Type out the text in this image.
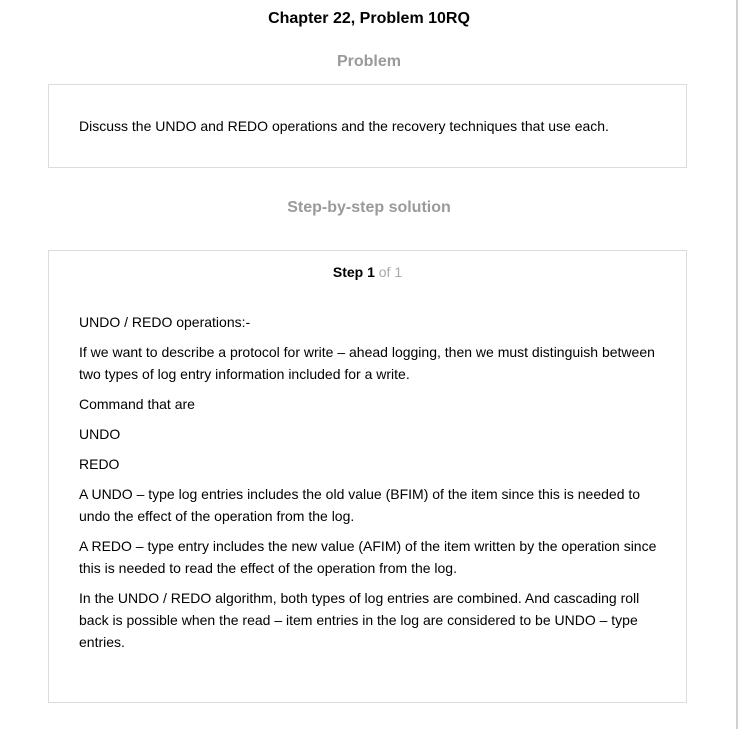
Chapter 22, Problem 10RQ
Problem
Discuss the UNDO and REDO operations and the recovery techniques that use each.
Step-by-step solution
Step 1 of 1

UNDO / REDO operations:-

If we want to describe a protocol for write – ahead logging, then we must distinguish between two types of log entry information included for a write.

Command that are

UNDO

REDO

A UNDO – type log entries includes the old value (BFIM) of the item since this is needed to undo the effect of the operation from the log.

A REDO – type entry includes the new value (AFIM) of the item written by the operation since this is needed to read the effect of the operation from the log.

In the UNDO / REDO algorithm, both types of log entries are combined. And cascading roll back is possible when the read – item entries in the log are considered to be UNDO – type entries.
